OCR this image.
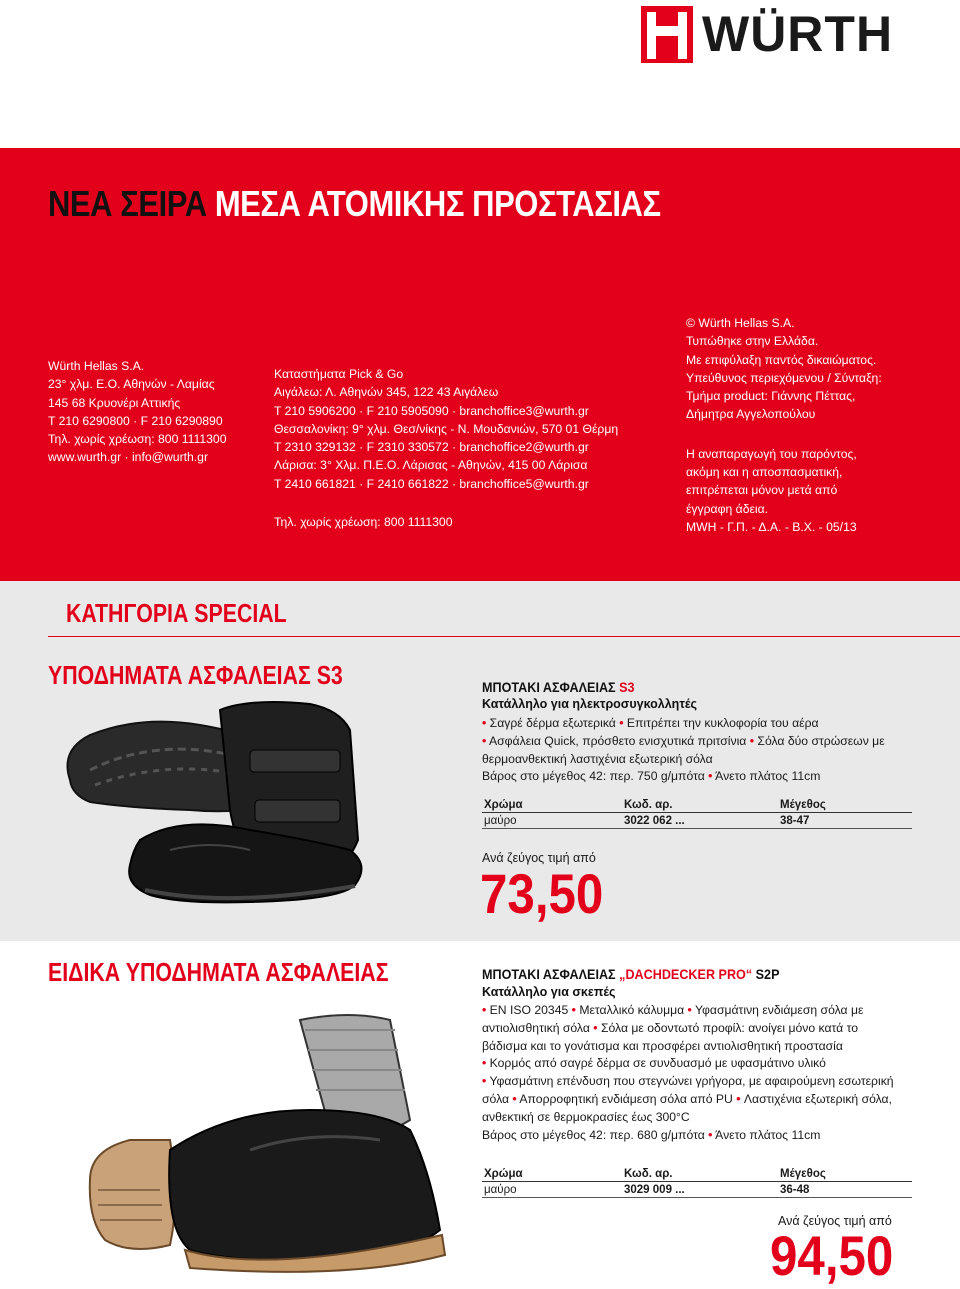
WÜRTH
ΝΕΑ ΣΕΙΡΑ ΜΕΣΑ ΑΤΟΜΙΚΗΣ ΠΡΟΣΤΑΣΙΑΣ
Würth Hellas S.A.
23° χλμ. Ε.Ο. Αθηνών - Λαμίας
145 68 Κρυονέρι Αττικής
T 210 6290800 · F 210 6290890
Τηλ. χωρίς χρέωση: 800 1111300
www.wurth.gr · info@wurth.gr
Καταστήματα Pick & Go
Αιγάλεω: Λ. Αθηνών 345, 122 43 Αιγάλεω
T 210 5906200 · F 210 5905090 · branchoffice3@wurth.gr
Θεσσαλονίκη: 9° χλμ. Θεσ/νίκης - Ν. Μουδανιών, 570 01 Θέρμη
T 2310 329132 · F 2310 330572 · branchoffice2@wurth.gr
Λάρισα: 3° Χλμ. Π.Ε.Ο. Λάρισας - Αθηνών, 415 00 Λάρισα
T 2410 661821 · F 2410 661822 · branchoffice5@wurth.gr
Τηλ. χωρίς χρέωση: 800 1111300
© Würth Hellas S.A.
Τυπώθηκε στην Ελλάδα.
Με επιφύλαξη παντός δικαιώματος.
Υπεύθυνος περιεχόμενου / Σύνταξη:
Τμήμα product: Γιάννης Πέττας,
Δήμητρα Αγγελοπούλου
Η αναπαραγωγή του παρόντος,
ακόμη και η αποσπασματική,
επιτρέπεται μόνον μετά από
έγγραφη άδεια.
MWH - Γ.Π. - Δ.Α. - Β.Χ. - 05/13
ΚΑΤΗΓΟΡΙΑ SPECIAL
ΥΠΟΔΗΜΑΤΑ ΑΣΦΑΛΕΙΑΣ S3	ΜΠΟΤΑΚΙ ΑΣΦΑΛΕΙΑΣ S3
Κατάλληλο για ηλεκτροσυγκολλητές
• Σαγρέ δέρμα εξωτερικά • Επιτρέπει την κυκλοφορία του αέρα
• Ασφάλεια Quick, πρόσθετο ενισχυτικά πριτσίνια • Σόλα δύο στρώσεων με θερμοανθεκτική λαστιχένια εξωτερική σόλα
Βάρος στο μέγεθος 42: περ. 750 g/μπότα • Άνετο πλάτος 11cm
Χρώμα	Κωδ. αρ.	Μέγεθος
μαύρο	3022 062 ...	38-47
Ανά ζεύγος τιμή από
73,50
ΕΙΔΙΚΑ ΥΠΟΔΗΜΑΤΑ ΑΣΦΑΛΕΙΑΣ	ΜΠΟΤΑΚΙ ΑΣΦΑΛΕΙΑΣ „DACHDECKER PRO“ S2P
Κατάλληλο για σκεπές
• EN ISO 20345 • Μεταλλικό κάλυμμα • Υφασμάτινη ενδιάμεση σόλα με αντιολισθητική σόλα • Σόλα με οδοντωτό προφίλ: ανοίγει μόνο κατά το βάδισμα και το γονάτισμα και προσφέρει αντιολισθητική προστασία
• Κορμός από σαγρέ δέρμα σε συνδυασμό με υφασμάτινο υλικό
• Υφασμάτινη επένδυση που στεγνώνει γρήγορα, με αφαιρούμενη εσωτερική σόλα • Απορροφητική ενδιάμεση σόλα από PU • Λαστιχένια εξωτερική σόλα, ανθεκτική σε θερμοκρασίες έως 300°C
Βάρος στο μέγεθος 42: περ. 680 g/μπότα • Άνετο πλάτος 11cm
Χρώμα	Κωδ. αρ.	Μέγεθος
μαύρο	3029 009 ...	36-48
Ανά ζεύγος τιμή από
94,50
